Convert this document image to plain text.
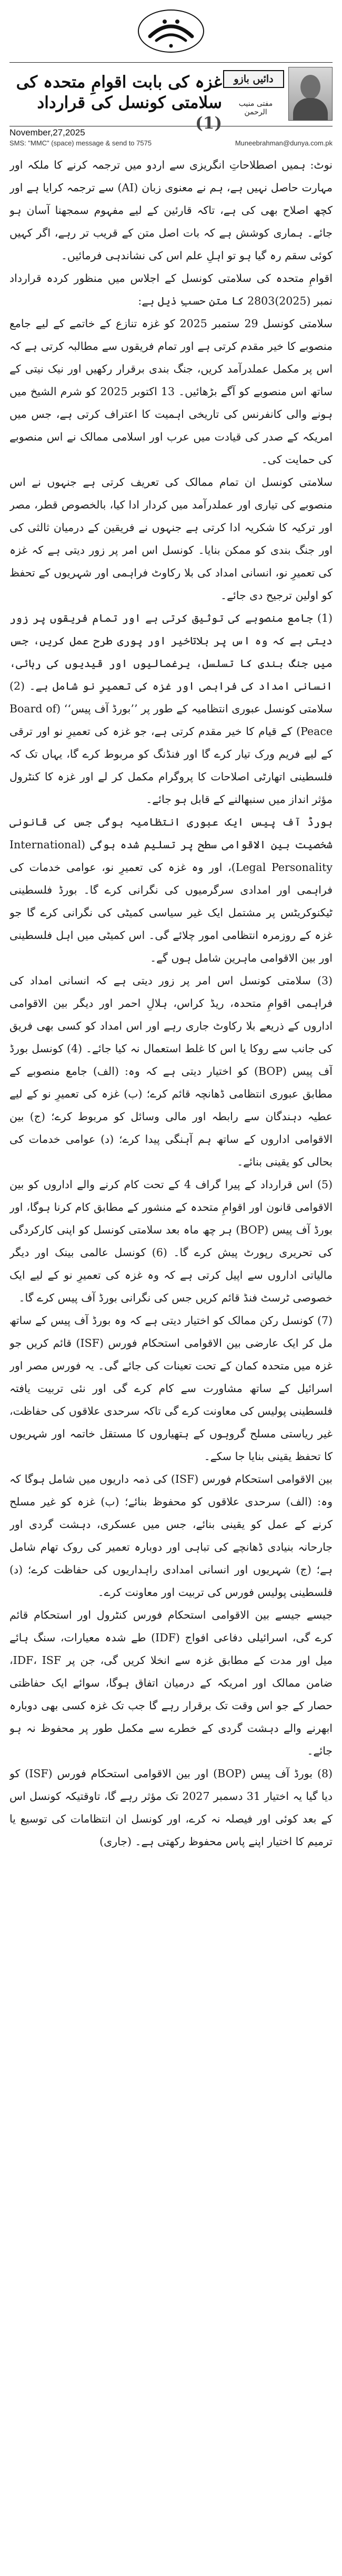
دائیں بازو
مفتی منیب الرحمن
غزہ کی بابت اقوامِ متحدہ کی سلامتی کونسل کی قرارداد (1)
November,27,2025
SMS: "MMC" (space) message & send to 7575	Muneebrahman@dunya.com.pk

نوٹ: ہمیں اصطلاحاتِ انگریزی سے اردو میں ترجمہ کرنے کا ملکہ اور مہارت حاصل نہیں ہے، ہم نے معنوی زبان (AI) سے ترجمہ کرایا ہے اور کچھ اصلاح بھی کی ہے، تاکہ قارئین کے لیے مفہوم سمجھنا آسان ہو جائے۔ ہماری کوشش ہے کہ بات اصل متن کے قریب تر رہے، اگر کہیں کوئی سقم رہ گیا ہو تو اہلِ علم اس کی نشاندہی فرمائیں۔

اقوامِ متحدہ کی سلامتی کونسل کے اجلاس میں منظور کردہ قرارداد نمبر (2025)2803 کا متن حسبِ ذیل ہے:

سلامتی کونسل 29 ستمبر 2025 کو غزہ تنازع کے خاتمے کے لیے جامع منصوبے کا خیر مقدم کرتی ہے اور تمام فریقوں سے مطالبہ کرتی ہے کہ اس پر مکمل عملدرآمد کریں، جنگ بندی برقرار رکھیں اور نیک نیتی کے ساتھ اس منصوبے کو آگے بڑھائیں۔ 13 اکتوبر 2025 کو شرم الشیخ میں ہونے والی کانفرنس کی تاریخی اہمیت کا اعتراف کرتی ہے، جس میں امریکہ کے صدر کی قیادت میں عرب اور اسلامی ممالک نے اس منصوبے کی حمایت کی۔

سلامتی کونسل ان تمام ممالک کی تعریف کرتی ہے جنہوں نے اس منصوبے کی تیاری اور عملدرآمد میں کردار ادا کیا، بالخصوص قطر، مصر اور ترکیہ کا شکریہ ادا کرتی ہے جنہوں نے فریقین کے درمیان ثالثی کی اور جنگ بندی کو ممکن بنایا۔ کونسل اس امر پر زور دیتی ہے کہ غزہ کی تعمیرِ نو، انسانی امداد کی بلا رکاوٹ فراہمی اور شہریوں کے تحفظ کو اولین ترجیح دی جائے۔

(1) جامع منصوبے کی توثیق کرتی ہے اور تمام فریقوں پر زور دیتی ہے کہ وہ اس پر بلاتاخیر اور پوری طرح عمل کریں، جس میں جنگ بندی کا تسلسل، یرغمالیوں اور قیدیوں کی رہائی، انسانی امداد کی فراہمی اور غزہ کی تعمیرِ نو شامل ہے۔ (2) سلامتی کونسل عبوری انتظامیہ کے طور پر ’’بورڈ آف پیس‘‘ (Board of Peace) کے قیام کا خیر مقدم کرتی ہے، جو غزہ کی تعمیرِ نو اور ترقی کے لیے فریم ورک تیار کرے گا اور فنڈنگ کو مربوط کرے گا، یہاں تک کہ فلسطینی اتھارٹی اصلاحات کا پروگرام مکمل کر لے اور غزہ کا کنٹرول مؤثر انداز میں سنبھالنے کے قابل ہو جائے۔

بورڈ آف پیس ایک عبوری انتظامیہ ہوگی جس کی قانونی شخصیت بین الاقوامی سطح پر تسلیم شدہ ہوگی (International Legal Personality)، اور وہ غزہ کی تعمیرِ نو، عوامی خدمات کی فراہمی اور امدادی سرگرمیوں کی نگرانی کرے گا۔ بورڈ فلسطینی ٹیکنوکریٹس پر مشتمل ایک غیر سیاسی کمیٹی کی نگرانی کرے گا جو غزہ کے روزمرہ انتظامی امور چلائے گی۔ اس کمیٹی میں اہل فلسطینی اور بین الاقوامی ماہرین شامل ہوں گے۔

(3) سلامتی کونسل اس امر پر زور دیتی ہے کہ انسانی امداد کی فراہمی اقوامِ متحدہ، ریڈ کراس، ہلالِ احمر اور دیگر بین الاقوامی اداروں کے ذریعے بلا رکاوٹ جاری رہے اور اس امداد کو کسی بھی فریق کی جانب سے روکا یا اس کا غلط استعمال نہ کیا جائے۔ (4) کونسل بورڈ آف پیس (BOP) کو اختیار دیتی ہے کہ وہ: (الف) جامع منصوبے کے مطابق عبوری انتظامی ڈھانچہ قائم کرے؛ (ب) غزہ کی تعمیرِ نو کے لیے عطیہ دہندگان سے رابطہ اور مالی وسائل کو مربوط کرے؛ (ج) بین الاقوامی اداروں کے ساتھ ہم آہنگی پیدا کرے؛ (د) عوامی خدمات کی بحالی کو یقینی بنائے۔

(5) اس قرارداد کے پیرا گراف 4 کے تحت کام کرنے والے اداروں کو بین الاقوامی قانون اور اقوامِ متحدہ کے منشور کے مطابق کام کرنا ہوگا، اور بورڈ آف پیس (BOP) ہر چھ ماہ بعد سلامتی کونسل کو اپنی کارکردگی کی تحریری رپورٹ پیش کرے گا۔ (6) کونسل عالمی بینک اور دیگر مالیاتی اداروں سے اپیل کرتی ہے کہ وہ غزہ کی تعمیرِ نو کے لیے ایک خصوصی ٹرسٹ فنڈ قائم کریں جس کی نگرانی بورڈ آف پیس کرے گا۔

(7) کونسل رکن ممالک کو اختیار دیتی ہے کہ وہ بورڈ آف پیس کے ساتھ مل کر ایک عارضی بین الاقوامی استحکام فورس (ISF) قائم کریں جو غزہ میں متحدہ کمان کے تحت تعینات کی جائے گی۔ یہ فورس مصر اور اسرائیل کے ساتھ مشاورت سے کام کرے گی اور نئی تربیت یافتہ فلسطینی پولیس کی معاونت کرے گی تاکہ سرحدی علاقوں کی حفاظت، غیر ریاستی مسلح گروہوں کے ہتھیاروں کا مستقل خاتمہ اور شہریوں کا تحفظ یقینی بنایا جا سکے۔

بین الاقوامی استحکام فورس (ISF) کی ذمہ داریوں میں شامل ہوگا کہ وہ: (الف) سرحدی علاقوں کو محفوظ بنائے؛ (ب) غزہ کو غیر مسلح کرنے کے عمل کو یقینی بنائے، جس میں عسکری، دہشت گردی اور جارحانہ بنیادی ڈھانچے کی تباہی اور دوبارہ تعمیر کی روک تھام شامل ہے؛ (ج) شہریوں اور انسانی امدادی راہداریوں کی حفاظت کرے؛ (د) فلسطینی پولیس فورس کی تربیت اور معاونت کرے۔

جیسے جیسے بین الاقوامی استحکام فورس کنٹرول اور استحکام قائم کرے گی، اسرائیلی دفاعی افواج (IDF) طے شدہ معیارات، سنگ ہائے میل اور مدت کے مطابق غزہ سے انخلا کریں گی، جن پر IDF، ISF، ضامن ممالک اور امریکہ کے درمیان اتفاق ہوگا، سوائے ایک حفاظتی حصار کے جو اس وقت تک برقرار رہے گا جب تک غزہ کسی بھی دوبارہ ابھرنے والے دہشت گردی کے خطرے سے مکمل طور پر محفوظ نہ ہو جائے۔

(8) بورڈ آف پیس (BOP) اور بین الاقوامی استحکام فورس (ISF) کو دیا گیا یہ اختیار 31 دسمبر 2027 تک مؤثر رہے گا، تاوقتیکہ کونسل اس کے بعد کوئی اور فیصلہ نہ کرے، اور کونسل ان انتظامات کی توسیع یا ترمیم کا اختیار اپنے پاس محفوظ رکھتی ہے۔ (جاری)
